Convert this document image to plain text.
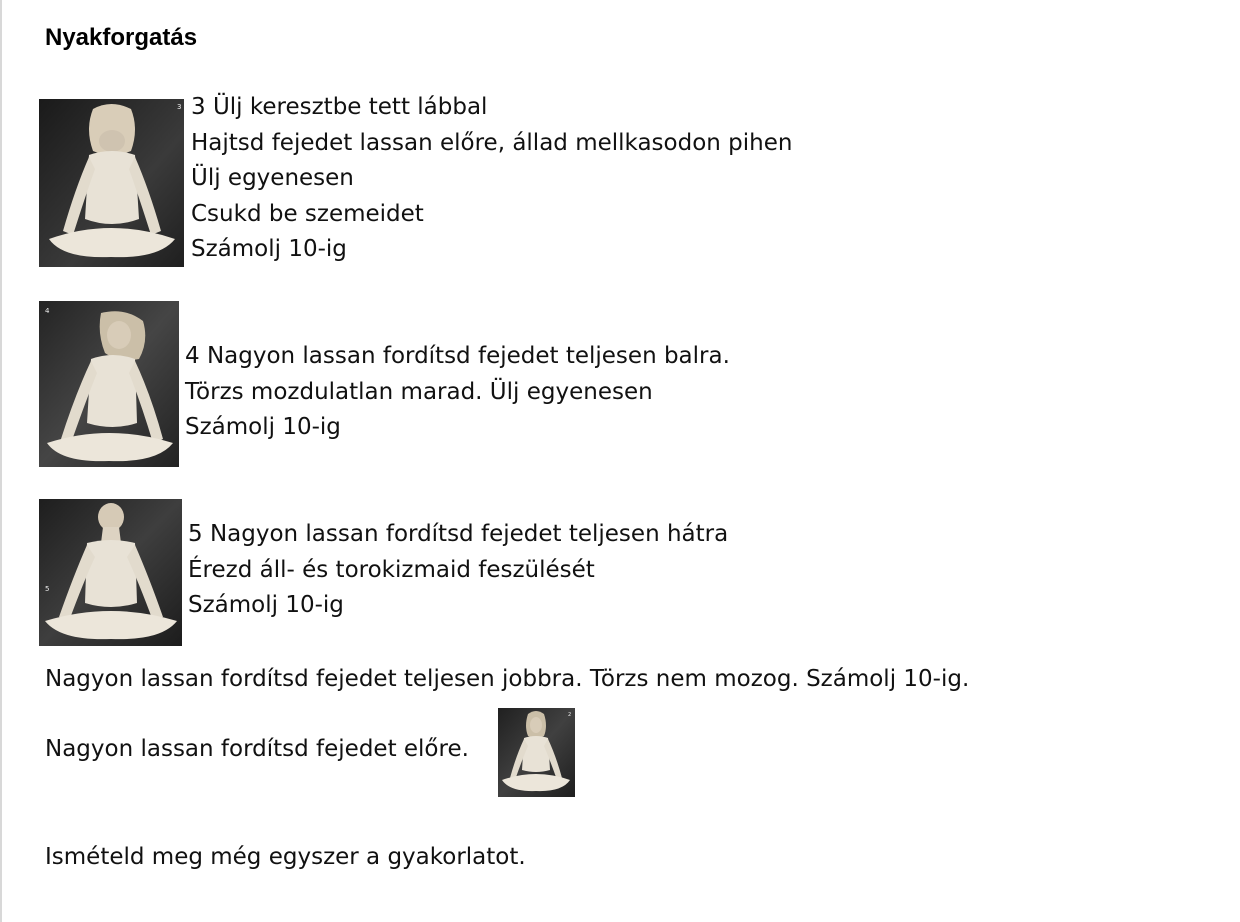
Nyakforgatás
3 3 Ülj keresztbe tett lábbal
Hajtsd fejedet lassan előre, állad mellkasodon pihen
Ülj egyenesen
Csukd be szemeidet
Számolj 10-ig
4
4 Nagyon lassan fordítsd fejedet teljesen balra.
Törzs mozdulatlan marad. Ülj egyenesen
Számolj 10-ig
5
5 Nagyon lassan fordítsd fejedet teljesen hátra
Érezd áll- és torokizmaid feszülését
Számolj 10-ig
Nagyon lassan fordítsd fejedet teljesen jobbra. Törzs nem mozog. Számolj 10-ig.
Nagyon lassan fordítsd fejedet előre.
2
Ismételd meg még egyszer a gyakorlatot.
